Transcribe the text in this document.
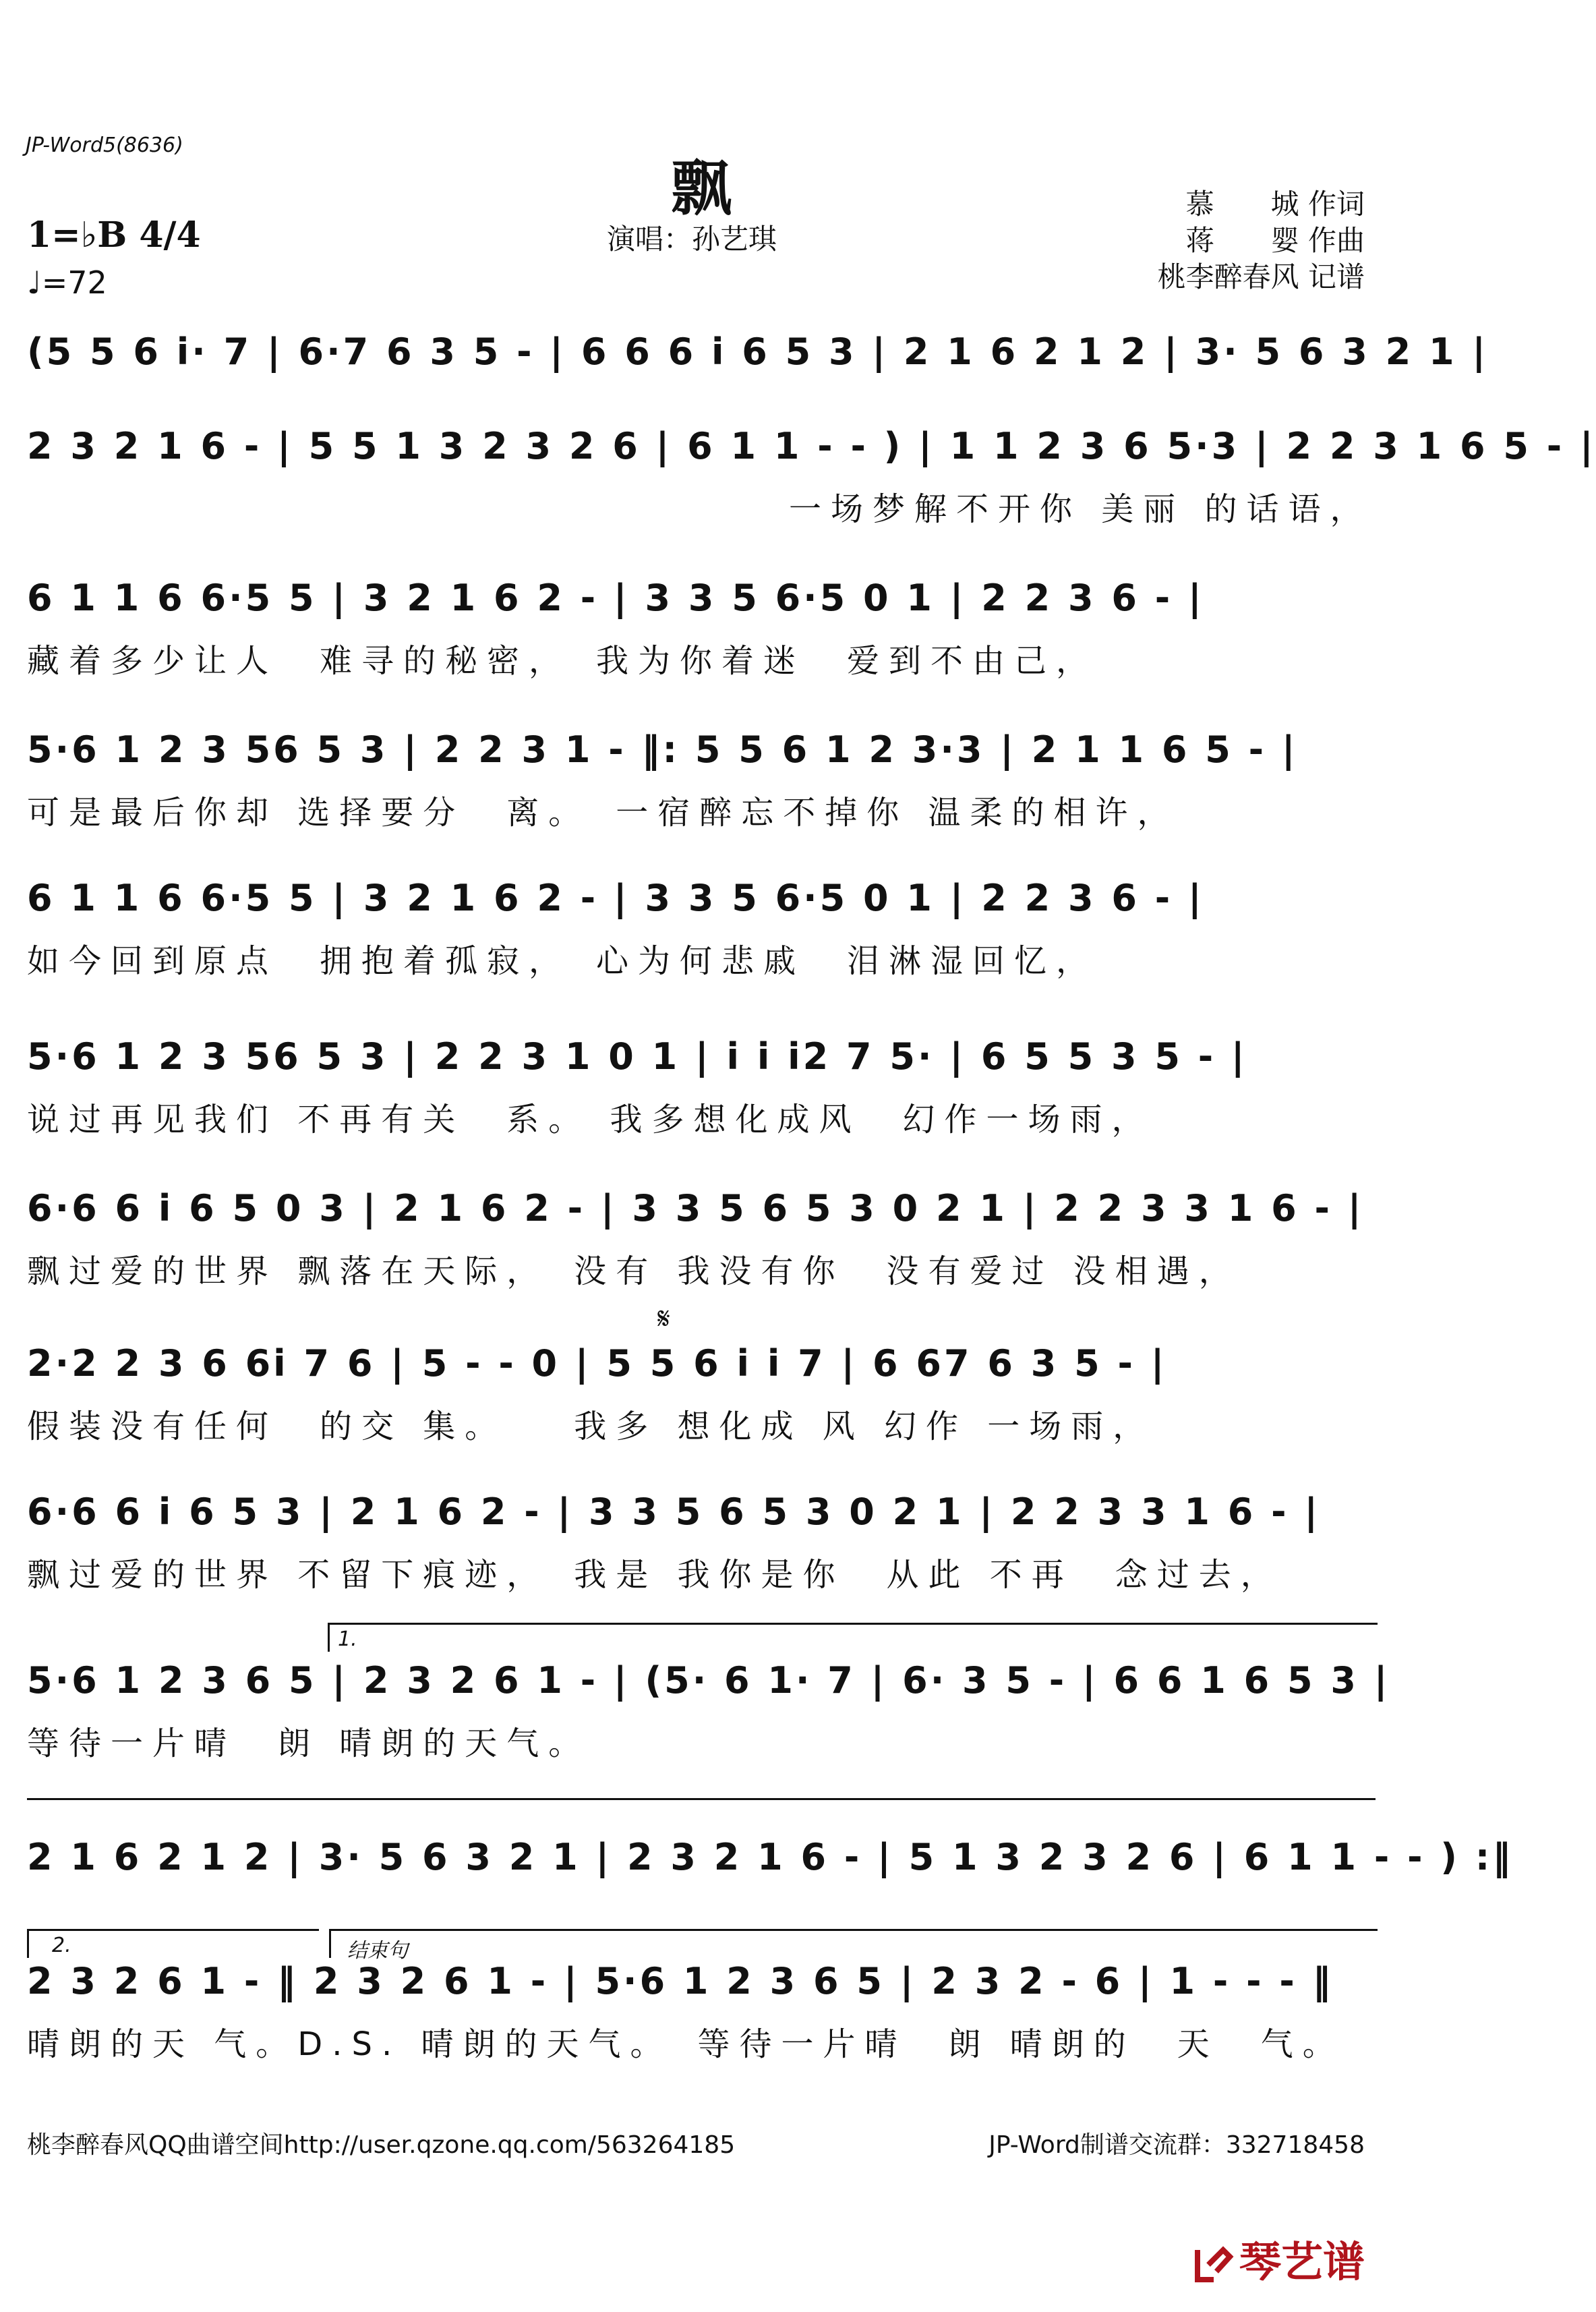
JP-Word5(8636)
飘
1=♭B 4/4
♩=72
演唱：孙艺琪
慕　　城 作词
蒋　　婴 作曲
桃李醉春风 记谱
(5 5 6 i· 7 | 6·7 6 3 5 - | 6 6 6 i 6 5 3 | 2 1 6 2 1 2 | 3· 5 6 3 2 1 |
2 3 2 1 6 - | 5 5 1 3 2 3 2 6 | 6 1 1 - - ) | 1 1 2 3 6 5·3 | 2 2 3 1 6 5 - |
一场梦解不开你 美丽 的话语，
6 1 1 6 6·5 5 | 3 2 1 6 2 - | 3 3 5 6·5 0 1 | 2 2 3 6 - |
藏着多少让人　难寻的秘密，　我为你着迷　爱到不由己，
5·6 1 2 3 56 5 3 | 2 2 3 1 - ‖: 5 5 6 1 2 3·3 | 2 1 1 6 5 - |
可是最后你却 选择要分　离。　一宿醉忘不掉你 温柔的相许，
6 1 1 6 6·5 5 | 3 2 1 6 2 - | 3 3 5 6·5 0 1 | 2 2 3 6 - |
如今回到原点　拥抱着孤寂，　心为何悲戚　泪淋湿回忆，
5·6 1 2 3 56 5 3 | 2 2 3 1 0 1 | i i i2 7 5· | 6 5 5 3 5 - |
说过再见我们 不再有关　系。 我多想化成风　幻作一场雨，
6·6 6 i 6 5 0 3 | 2 1 6 2 - | 3 3 5 6 5 3 0 2 1 | 2 2 3 3 1 6 - |
飘过爱的世界 飘落在天际，　没有 我没有你　没有爱过 没相遇，
𝄋
2·2 2 3 6 6i 7 6 | 5 - - 0 | 5 5 6 i i 7 | 6 67 6 3 5 - |
假装没有任何　的交 集。　　我多 想化成 风 幻作 一场雨，
6·6 6 i 6 5 3 | 2 1 6 2 - | 3 3 5 6 5 3 0 2 1 | 2 2 3 3 1 6 - |
飘过爱的世界 不留下痕迹，　我是 我你是你　从此 不再　念过去，
1.
5·6 1 2 3 6 5 | 2 3 2 6 1 - | (5· 6 1· 7 | 6· 3 5 - | 6 6 1 6 5 3 |
等待一片晴　朗 晴朗的天气。
2 1 6 2 1 2 | 3· 5 6 3 2 1 | 2 3 2 1 6 - | 5 1 3 2 3 2 6 | 6 1 1 - - ) :‖
2.	结束句
2 3 2 6 1 - ‖ 2 3 2 6 1 - | 5·6 1 2 3 6 5 | 2 3 2 - 6 | 1 - - - ‖
晴朗的天 气。D.S. 晴朗的天气。　等待一片晴　朗 晴朗的　天　气。
桃李醉春风QQ曲谱空间http://user.qzone.qq.com/563264185	JP-Word制谱交流群：332718458
琴艺谱
